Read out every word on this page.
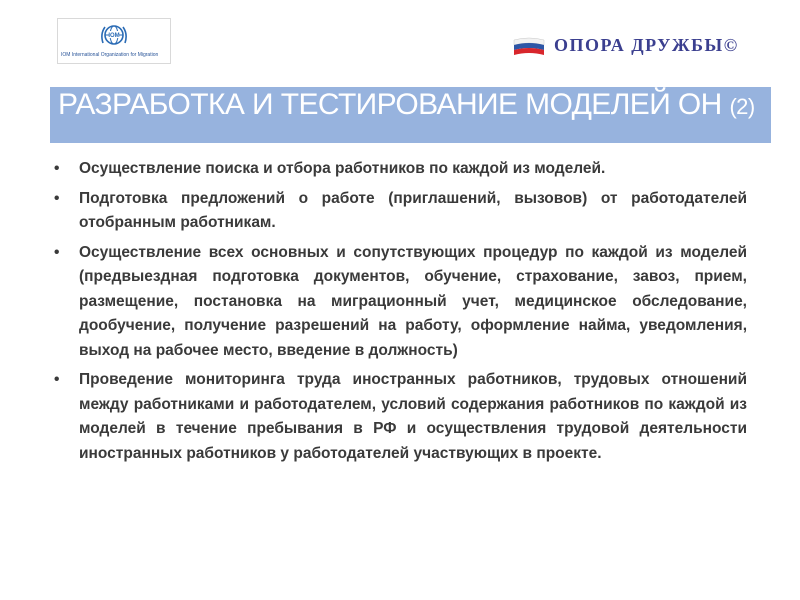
IOM
IOM International Organization for Migration	ОПОРА ДРУЖБЫ©
РАЗРАБОТКА И ТЕСТИРОВАНИЕ МОДЕЛЕЙ ОН (2)
• Осуществление поиска и отбора работников по каждой из моделей.
• Подготовка предложений о работе (приглашений, вызовов) от работодателей отобранным работникам.
• Осуществление всех основных и сопутствующих процедур по каждой из моделей (предвыездная подготовка документов, обучение, страхование, завоз, прием, размещение, постановка на миграционный учет, медицинское обследование, дообучение, получение разрешений на работу, оформление найма, уведомления, выход на рабочее место, введение в должность)
• Проведение мониторинга труда иностранных работников, трудовых отношений между работниками и работодателем, условий содержания работников по каждой из моделей в течение пребывания в РФ и осуществления трудовой деятельности иностранных работников у работодателей участвующих в проекте.
